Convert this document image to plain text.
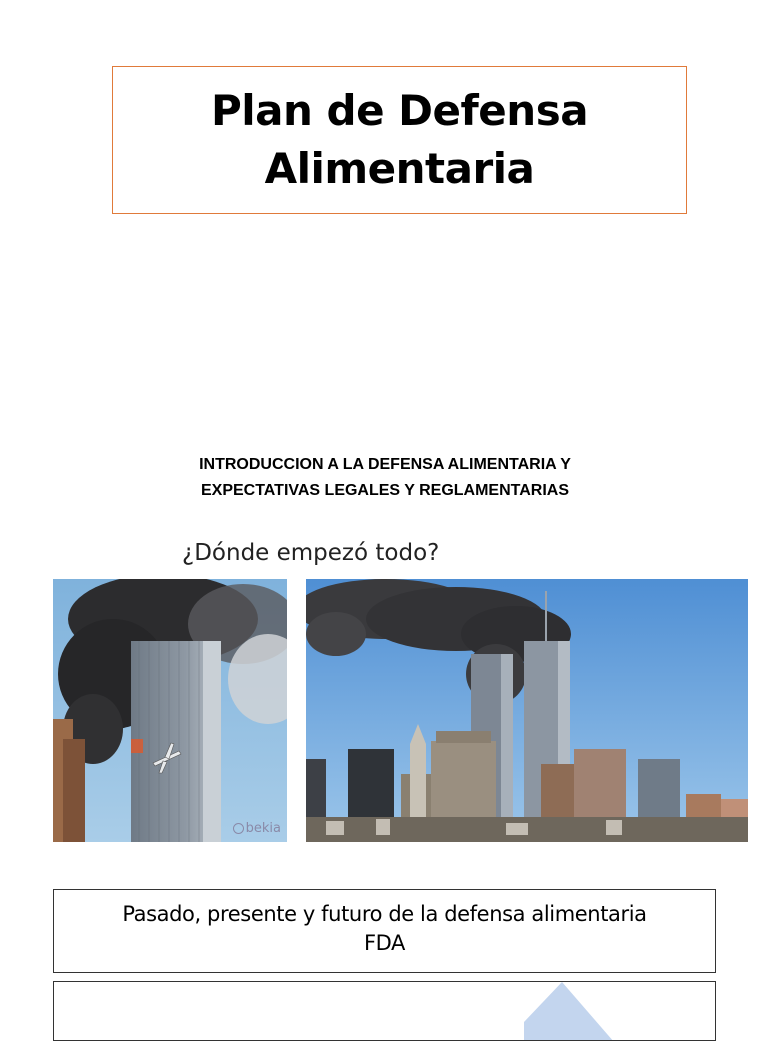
Plan de Defensa
Alimentaria
INTRODUCCION A LA DEFENSA ALIMENTARIA Y
EXPECTATIVAS LEGALES Y REGLAMENTARIAS
¿Dónde empezó todo?
bekia
Pasado, presente y futuro de la defensa alimentaria
FDA
